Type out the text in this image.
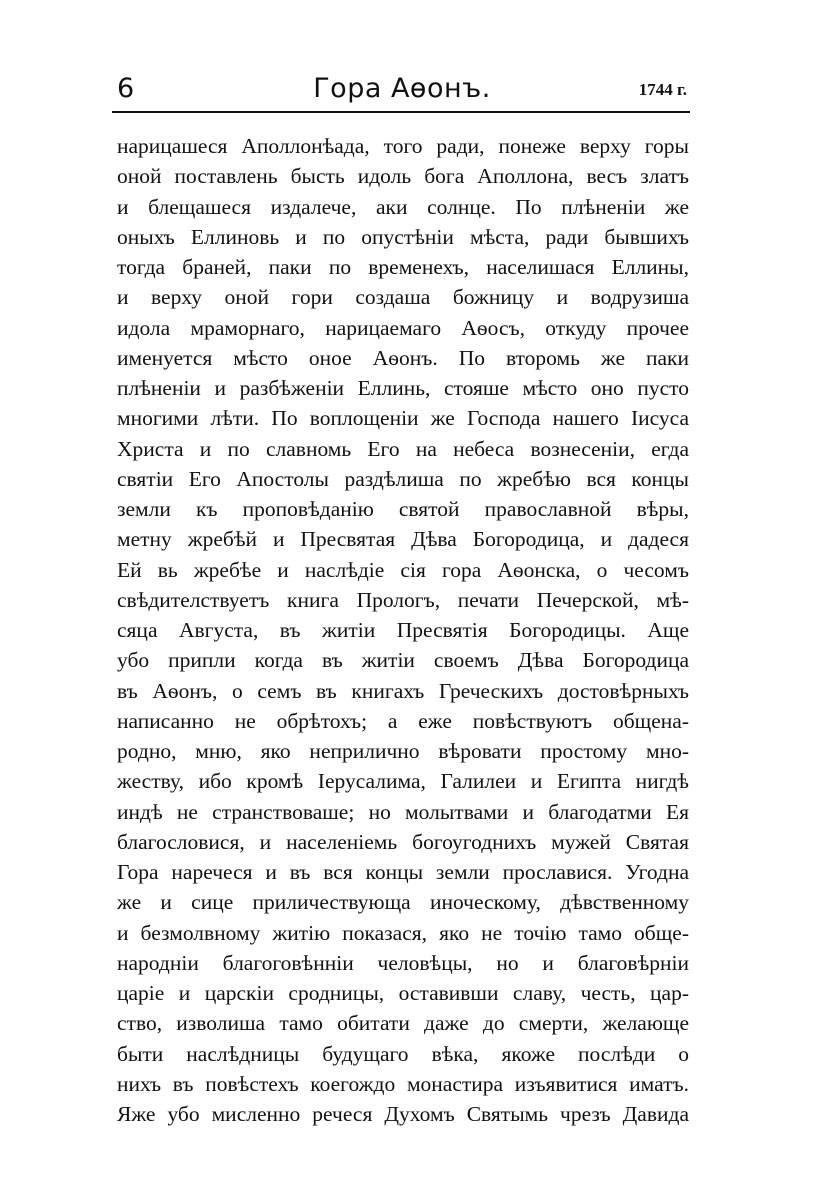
6	Гора Аѳонъ.	1744 г.
нарицашеся Аполлонѣада, того ради, понеже верху горы
оной поставлень бысть идоль бога Аполлона, весъ златъ
и блещашеся издалече, аки солнце. По плѣненіи же
оныхъ Еллиновь и по опустѣніи мѣста, ради бывшихъ
тогда браней, паки по временехъ, населишася Еллины,
и верху оной гори создаша божницу и водрузиша
идола мраморнаго, нарицаемаго Аѳосъ, откуду прочее
именуется мѣсто оное Аѳонъ. По второмь же паки
плѣненіи и разбѣженіи Еллинь, стояше мѣсто оно пусто
многими лѣти. По воплощеніи же Господа нашего Іисуса
Христа и по славномь Его на небеса вознесеніи, егда
святіи Его Апостолы раздѣлиша по жребѣю вся концы
земли къ проповѣданію святой православной вѣры,
метну жребѣй и Пресвятая Дѣва Богородица, и дадеся
Ей вь жребѣе и наслѣдіе сія гора Аѳонска, о чесомъ
свѣдителствуетъ книга Прологъ, печати Печерской, мѣ-
сяца Августа, въ житіи Пресвятія Богородицы. Аще
убо припли когда въ житіи своемъ Дѣва Богородица
въ Аѳонъ, о семъ въ книгахъ Греческихъ достовѣрныхъ
написанно не обрѣтохъ; а еже повѣствуютъ общена-
родно, мню, яко неприлично вѣровати простому мно-
жеству, ибо кромѣ Іерусалима, Галилеи и Египта нигдѣ
индѣ не странствоваше; но молытвами и благодатми Ея
благословися, и населеніемь богоугоднихъ мужей Святая
Гора наречеся и въ вся концы земли прославися. Угодна
же и сице приличествующа иноческому, дѣвственному
и безмолвному житію показася, яко не точію тамо обще-
народніи благоговѣнніи человѣцы, но и благовѣрніи
царіе и царскіи сродницы, оставивши славу, честь, цар-
ство, изволиша тамо обитати даже до смерти, желающе
быти наслѣдницы будущаго вѣка, якоже послѣди о
нихъ въ повѣстехъ коегождо монастира изъявитися иматъ.
Яже убо мисленно речеся Духомъ Святымь чрезъ Давида
